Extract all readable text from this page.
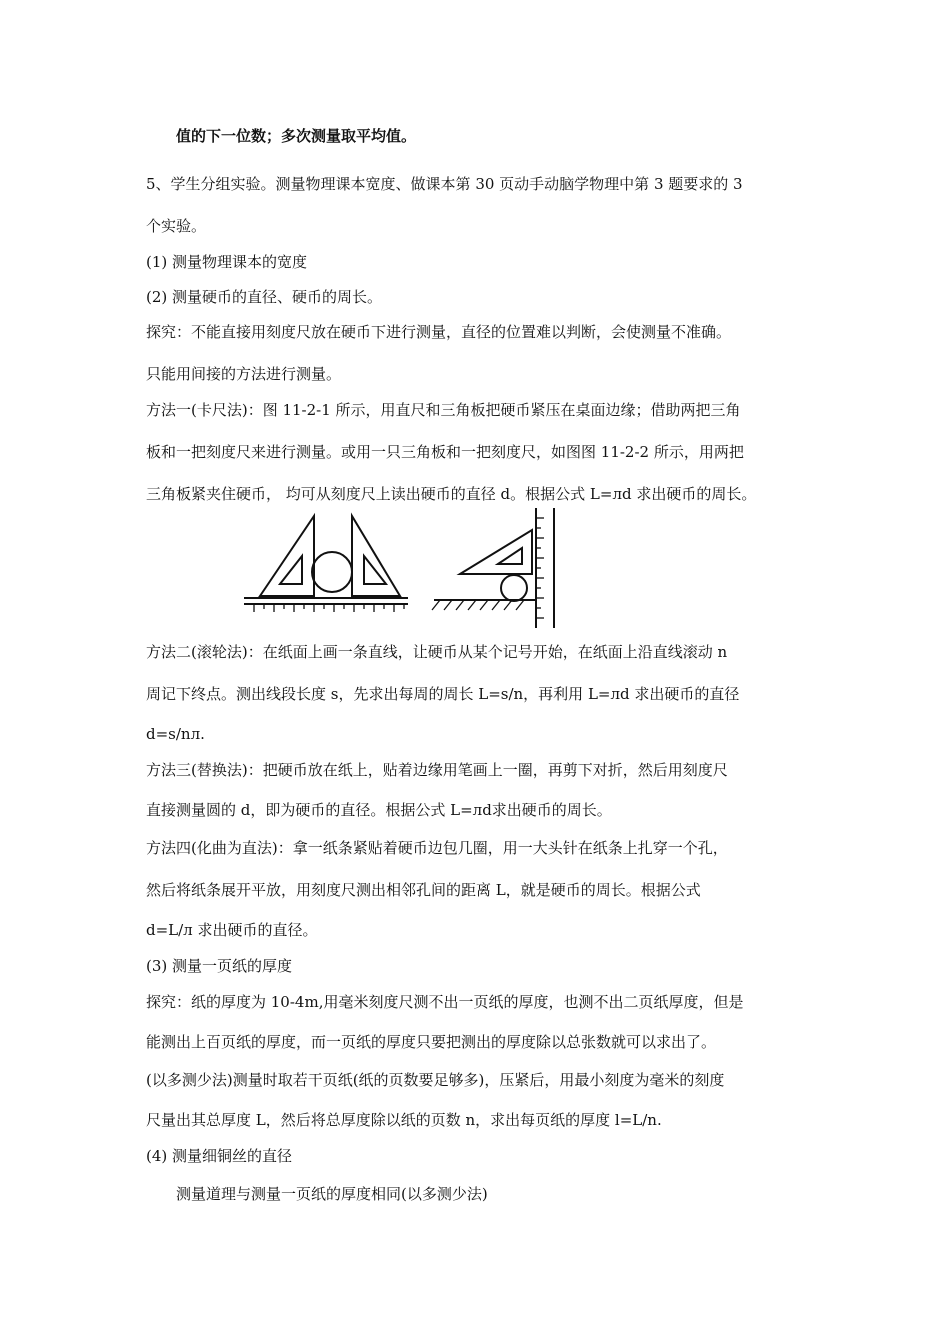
值的下一位数；多次测量取平均值。
5、学生分组实验。测量物理课本宽度、做课本第 30 页动手动脑学物理中第 3 题要求的 3
个实验。
(1) 测量物理课本的宽度
(2) 测量硬币的直径、硬币的周长。
探究：不能直接用刻度尺放在硬币下进行测量，直径的位置难以判断，会使测量不准确。
只能用间接的方法进行测量。
方法一(卡尺法)：图 11-2-1 所示，用直尺和三角板把硬币紧压在桌面边缘；借助两把三角
板和一把刻度尺来进行测量。或用一只三角板和一把刻度尺，如图图 11-2-2 所示，用两把
三角板紧夹住硬币， 均可从刻度尺上读出硬币的直径 d。根据公式 L=лd 求出硬币的周长。
方法二(滚轮法)：在纸面上画一条直线，让硬币从某个记号开始，在纸面上沿直线滚动 n
周记下终点。测出线段长度 s，先求出每周的周长 L=s/n，再利用 L=лd 求出硬币的直径
d=s/nл.
方法三(替换法)：把硬币放在纸上，贴着边缘用笔画上一圈，再剪下对折，然后用刻度尺
直接测量圆的 d，即为硬币的直径。根据公式 L=лd求出硬币的周长。
方法四(化曲为直法)：拿一纸条紧贴着硬币边包几圈，用一大头针在纸条上扎穿一个孔，
然后将纸条展开平放，用刻度尺测出相邻孔间的距离 L，就是硬币的周长。根据公式
d=L/л 求出硬币的直径。
(3) 测量一页纸的厚度
探究：纸的厚度为 10-4m,用毫米刻度尺测不出一页纸的厚度，也测不出二页纸厚度，但是
能测出上百页纸的厚度，而一页纸的厚度只要把测出的厚度除以总张数就可以求出了。
(以多测少法)测量时取若干页纸(纸的页数要足够多)，压紧后，用最小刻度为毫米的刻度
尺量出其总厚度 L，然后将总厚度除以纸的页数 n，求出每页纸的厚度 l=L/n.
(4) 测量细铜丝的直径
测量道理与测量一页纸的厚度相同(以多测少法)
